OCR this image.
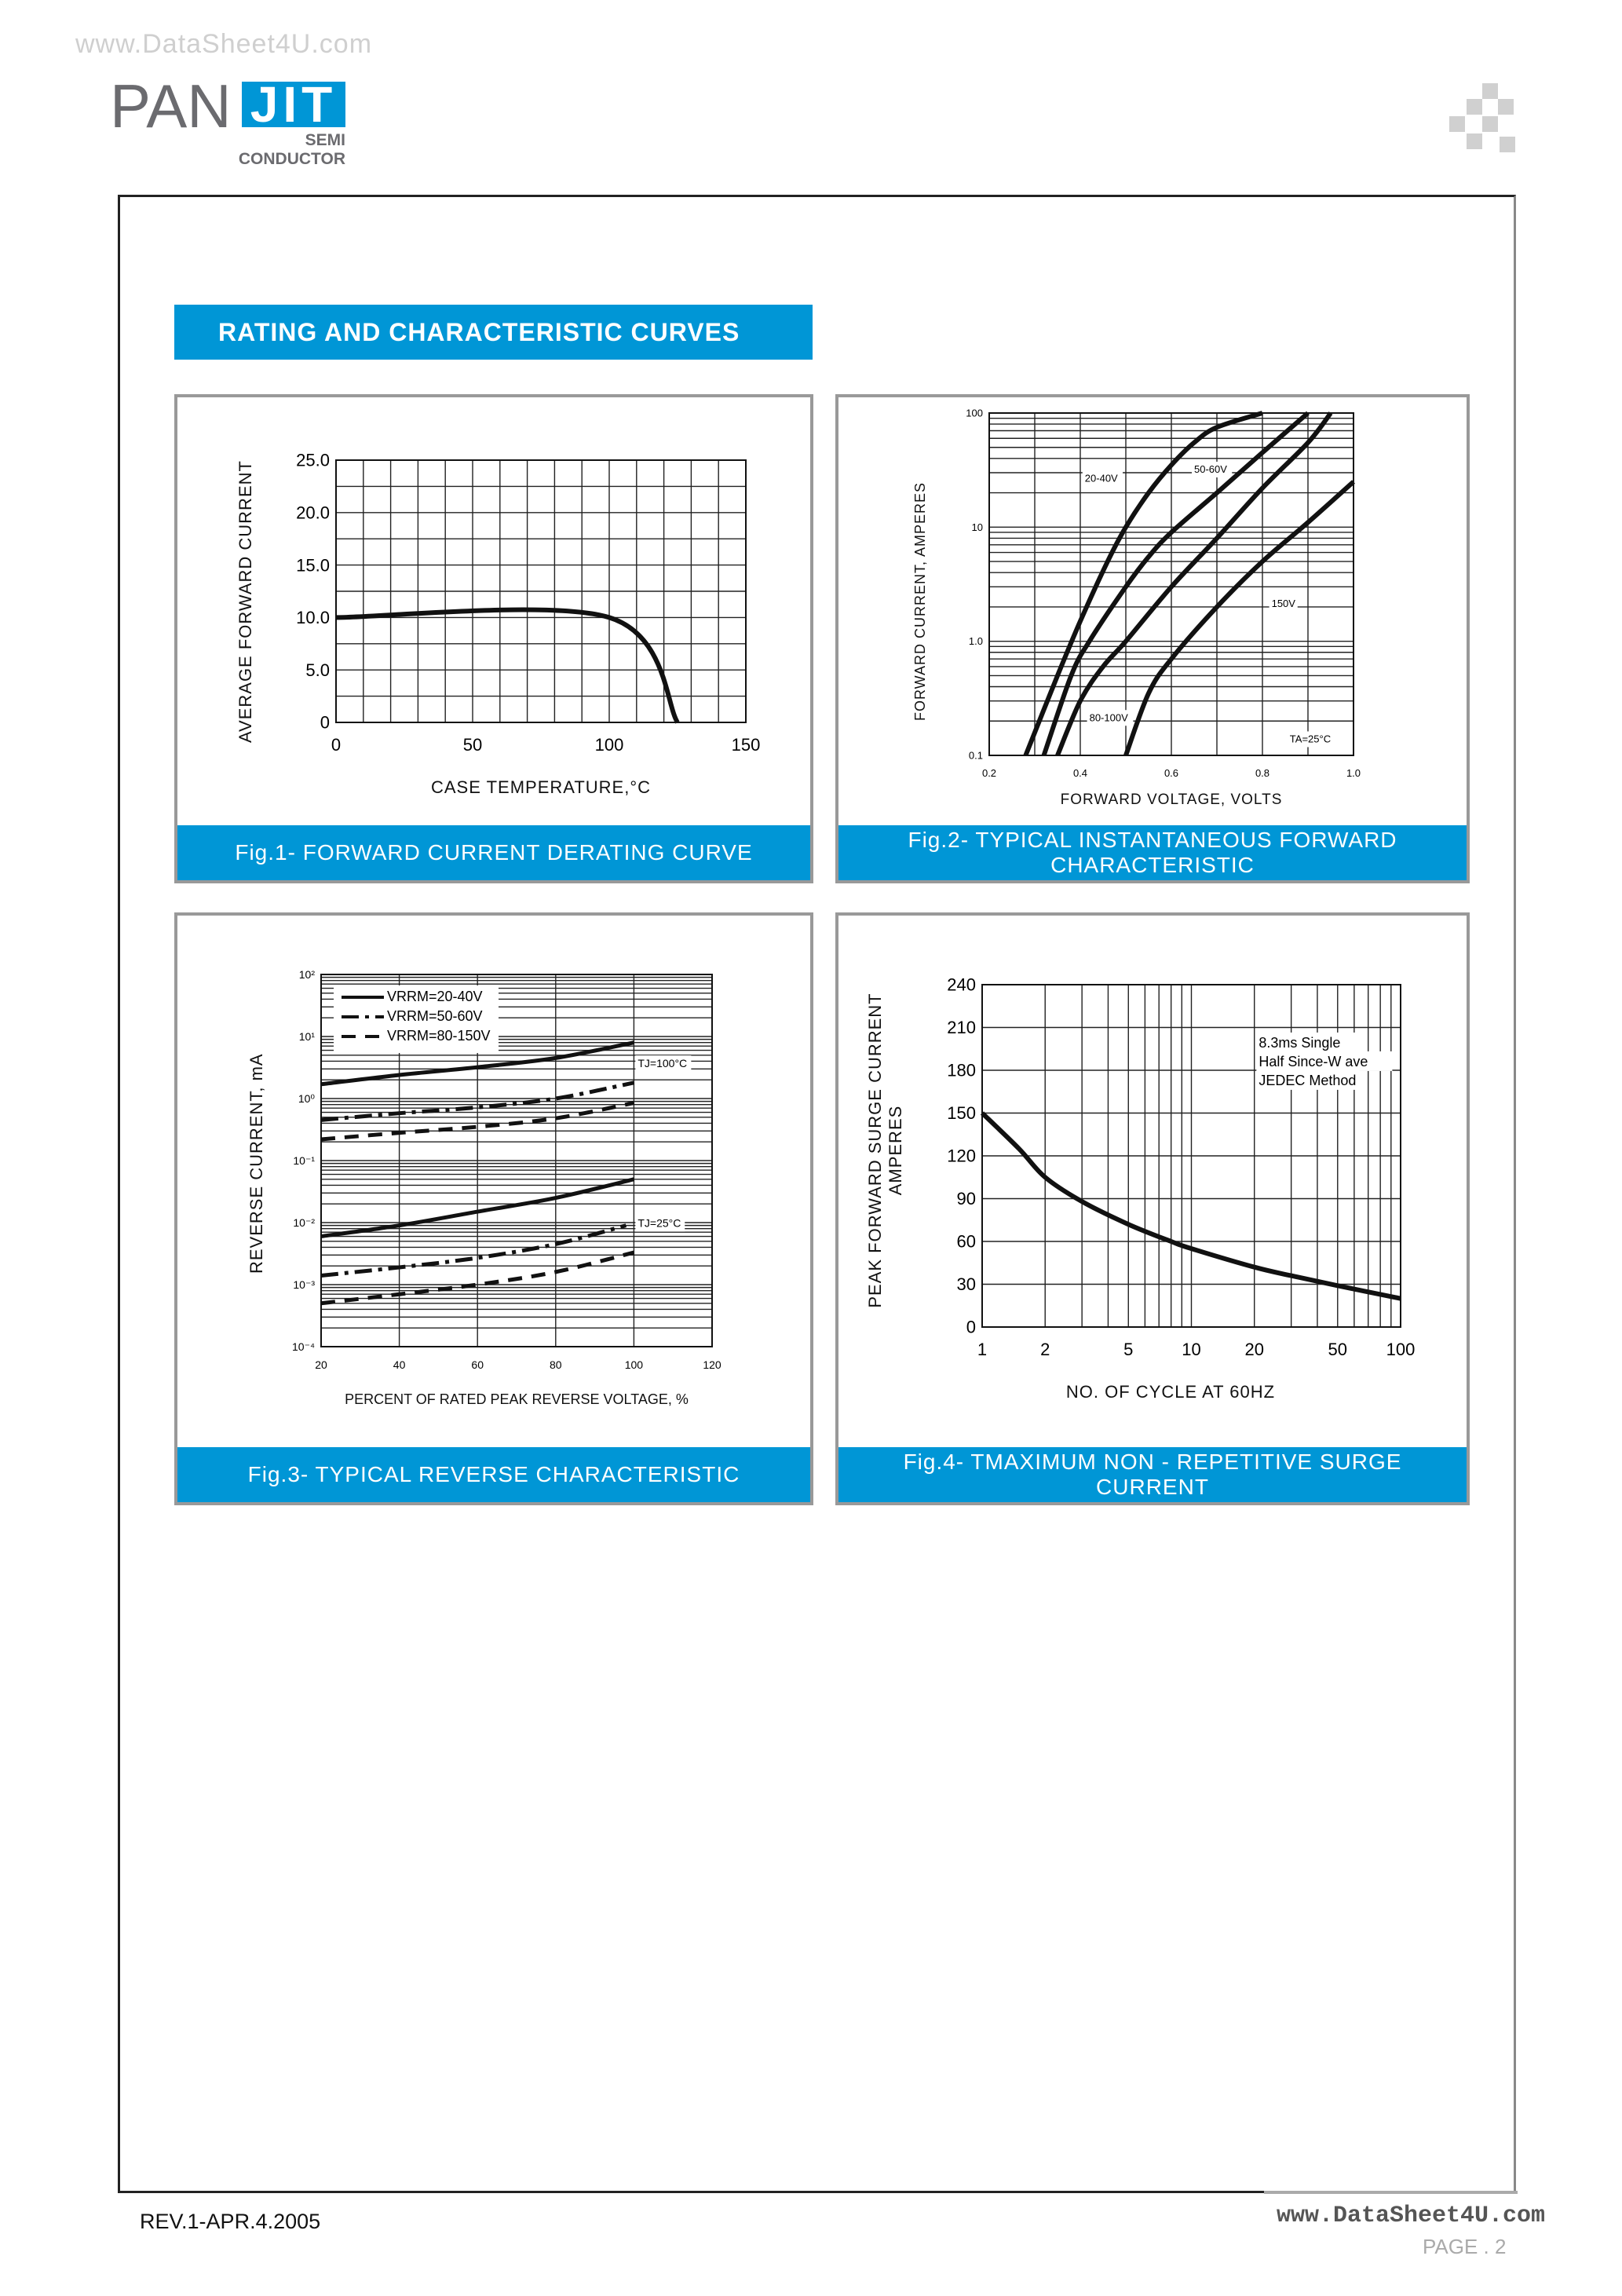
PAN JIT
SEMI
CONDUCTOR
www.DataSheet4U.com
RATING AND CHARACTERISTIC CURVES
Fig.1- FORWARD CURRENT DERATING CURVE
Fig.2- TYPICAL INSTANTANEOUS FORWARD
CHARACTERISTIC
Fig.3- TYPICAL REVERSE CHARACTERISTIC
Fig.4- TMAXIMUM NON - REPETITIVE SURGE
CURRENT
CASE TEMPERATURE,°C
AVERAGE FORWARD CURRENT
FORWARD VOLTAGE, VOLTS
FORWARD CURRENT, AMPERES
PERCENT OF RATED PEAK REVERSE VOLTAGE, %
REVERSE CURRENT, mA
NO. OF CYCLE AT 60HZ
PEAK FORWARD SURGE CURRENT AMPERES
0	50	100	150
0
5.0
10.0
15.0
20.0
25.0
0.2	0.4	0.6	0.8	1.0
0.1
1.0
10
100
20-40V
50-60V
80-100V
150V
TA=25°C
20	40	60	80	100	120
10⁻⁴
10⁻³
10⁻²
10⁻¹
10⁰
10¹
10²
TJ=100°C
TJ=25°C
VRRM=20-40V
VRRM=50-60V
VRRM=80-150V
1	2	5	10	20	50 100
0
30
60
90
120
150
180
210
240
8.3ms Single
Half Since-W ave
JEDEC Method
REV.1-APR.4.2005
PAGE . 2
www.DataSheet4U.com
